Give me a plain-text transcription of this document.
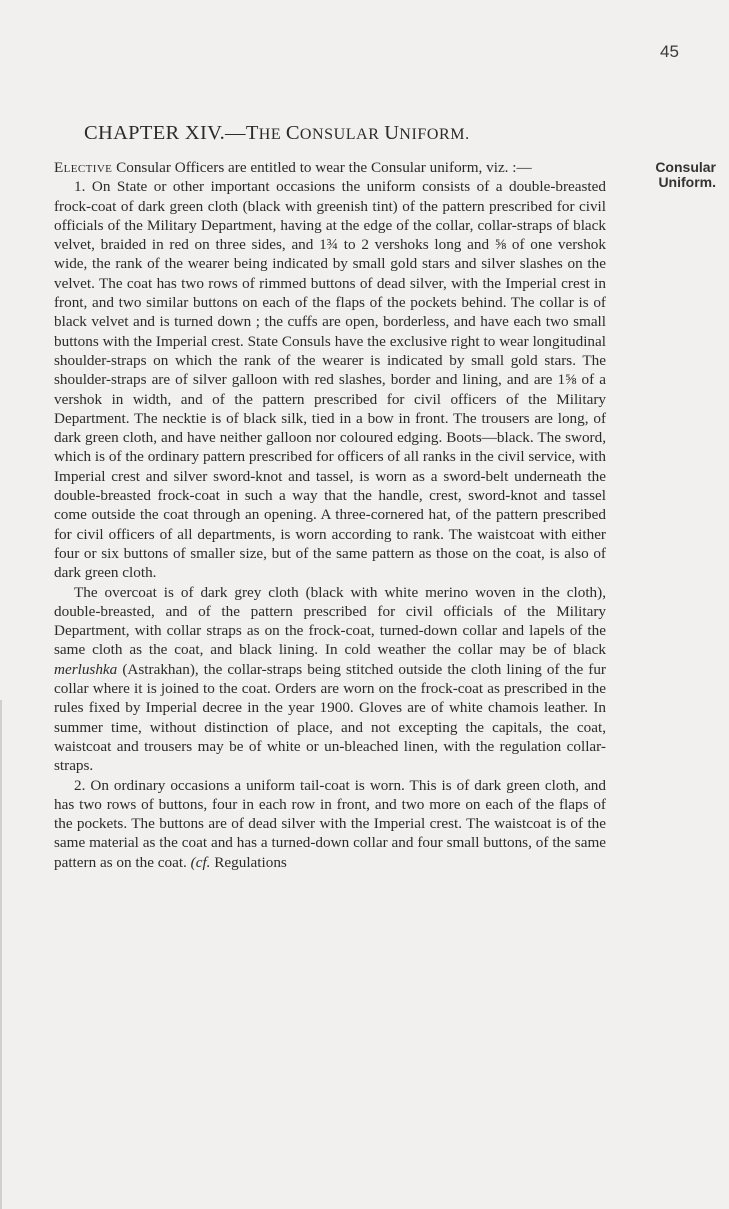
45
CHAPTER XIV.—THE CONSULAR UNIFORM.
Consular
Uniform.

Elective Consular Officers are entitled to wear the Consular uniform, viz. :—

1. On State or other important occasions the uniform consists of a double-breasted frock-coat of dark green cloth (black with greenish tint) of the pattern prescribed for civil officials of the Military Department, having at the edge of the collar, collar-straps of black velvet, braided in red on three sides, and 1¾ to 2 vershoks long and ⅝ of one vershok wide, the rank of the wearer being indicated by small gold stars and silver slashes on the velvet. The coat has two rows of rimmed buttons of dead silver, with the Imperial crest in front, and two similar buttons on each of the flaps of the pockets behind. The collar is of black velvet and is turned down ; the cuffs are open, borderless, and have each two small buttons with the Imperial crest. State Consuls have the exclusive right to wear longitudinal shoulder-straps on which the rank of the wearer is indicated by small gold stars. The shoulder-straps are of silver galloon with red slashes, border and lining, and are 1⅝ of a vershok in width, and of the pattern prescribed for civil officers of the Military Department. The necktie is of black silk, tied in a bow in front. The trousers are long, of dark green cloth, and have neither galloon nor coloured edging. Boots—black. The sword, which is of the ordinary pattern prescribed for officers of all ranks in the civil service, with Imperial crest and silver sword-knot and tassel, is worn as a sword-belt underneath the double-breasted frock-coat in such a way that the handle, crest, sword-knot and tassel come outside the coat through an opening. A three-cornered hat, of the pattern prescribed for civil officers of all departments, is worn according to rank. The waistcoat with either four or six buttons of smaller size, but of the same pattern as those on the coat, is also of dark green cloth.

The overcoat is of dark grey cloth (black with white merino woven in the cloth), double-breasted, and of the pattern prescribed for civil officials of the Military Department, with collar straps as on the frock-coat, turned-down collar and lapels of the same cloth as the coat, and black lining. In cold weather the collar may be of black merlushka (Astrakhan), the collar-straps being stitched outside the cloth lining of the fur collar where it is joined to the coat. Orders are worn on the frock-coat as prescribed in the rules fixed by Imperial decree in the year 1900. Gloves are of white chamois leather. In summer time, without distinction of place, and not excepting the capitals, the coat, waistcoat and trousers may be of white or un-bleached linen, with the regulation collar-straps.

2. On ordinary occasions a uniform tail-coat is worn. This is of dark green cloth, and has two rows of buttons, four in each row in front, and two more on each of the flaps of the pockets. The buttons are of dead silver with the Imperial crest. The waistcoat is of the same material as the coat and has a turned-down collar and four small buttons, of the same pattern as on the coat. (cf. Regulations
